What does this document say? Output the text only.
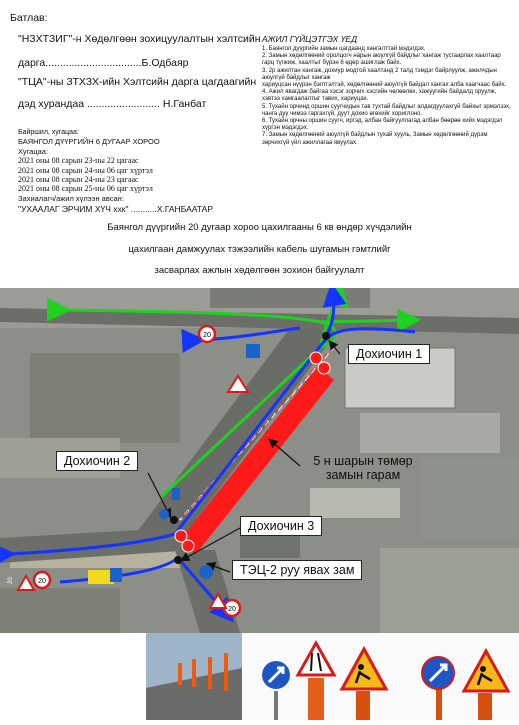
Батлав:
"НЗХТЗИГ"-н Хөдөлгөөн зохицуулалтын хэлтсийн
дарга.................................Б.Одбаяр
"ТЦА"-ны ЗТХЗХ-ийн Хэлтсийн дарга цагдаагийн
дэд хурандаа ......................... Н.Ганбат
АЖИЛ ГҮЙЦЭТГЭХ ҮЕД
1. Баянгол дүүргийн замын цагдаанд хангалттай мэдэгдэх.
2. Замын хөдөлгөөний оролцогч нарын аюулгүй байдлыг хангаж тусгаарлах хаалтаар гарц түгжиж, хаалтыг бүрэн 6 өдөр ашиглаж байх.
3. 2р ажилтан хангаж, дохиур модтой хаалтанд 2 талд тэмдэг байрлуулж, ажилчдын аюулгүй байдлыг хангаж
хариуцсан нүүрэн бэлтгэлтэй, хөдөлгөөний аюулгүй байдал хангах алба хаагчаас байх.
4. Ажил явагдаж байгаа хэсэг зорчих хэсгийн чөлөөлөх, хажуугийн байдалд оруулж, хэвтээ хамгаалалтыг тавих, хариуцах.
5. Тухайн орчинд оршин суугчидын тав тухтай байдлыг алдагдуулахгүй байхыг эрмэлзэх, чанга дуу чимээ гаргахгүй, дуут дохио өгөхийг хориглоно.
6. Тухайн орчны оршин суугч, иргэд, албан байгууллагад албан бөөрөө хийх мэдэгдэл хүргэн мэдэгдэх.
7. Замын хөдөлгөөний аюулгүй байдлын тухай хууль, Замын хөдөлгөөний дүрэм зөрчихгүй үйл ажиллагаа явуулах.
Байршил, хугацаа:
БАЯНГОЛ ДҮҮРГИЙН 6 ДУГААР ХОРОО
Хугацаа:
2021 оны 08 сарын 23-ны 22 цагаас
2021 оны 08 сарын 24-ны 06 цаг хүртэл
2021 оны 08 сарын 24-ны 23 цагаас
2021 оны 08 сарын 25-ны 06 цаг хүртэл
Захиалагч/ажил хүлээн авсан:
"УХААЛАГ ЭРЧИМ ХҮЧ ххк" ...........Х.ГАНБААТАР
Баянгол дүүргийн 20 дугаар хороо цахилгааны 6 кв өндөр хүчдэлийн
цахилгаан дамжуулах тэжээлийн кабель шугамын гэмтлийг
засварлах ажлын хөдөлгөөн зохион байгуулалт
20
20
20
20
Дохиочин 1
Дохиочин 2
Дохиочин 3
ТЭЦ-2 руу явах зам
5 н шарын төмөр
замын гарам
